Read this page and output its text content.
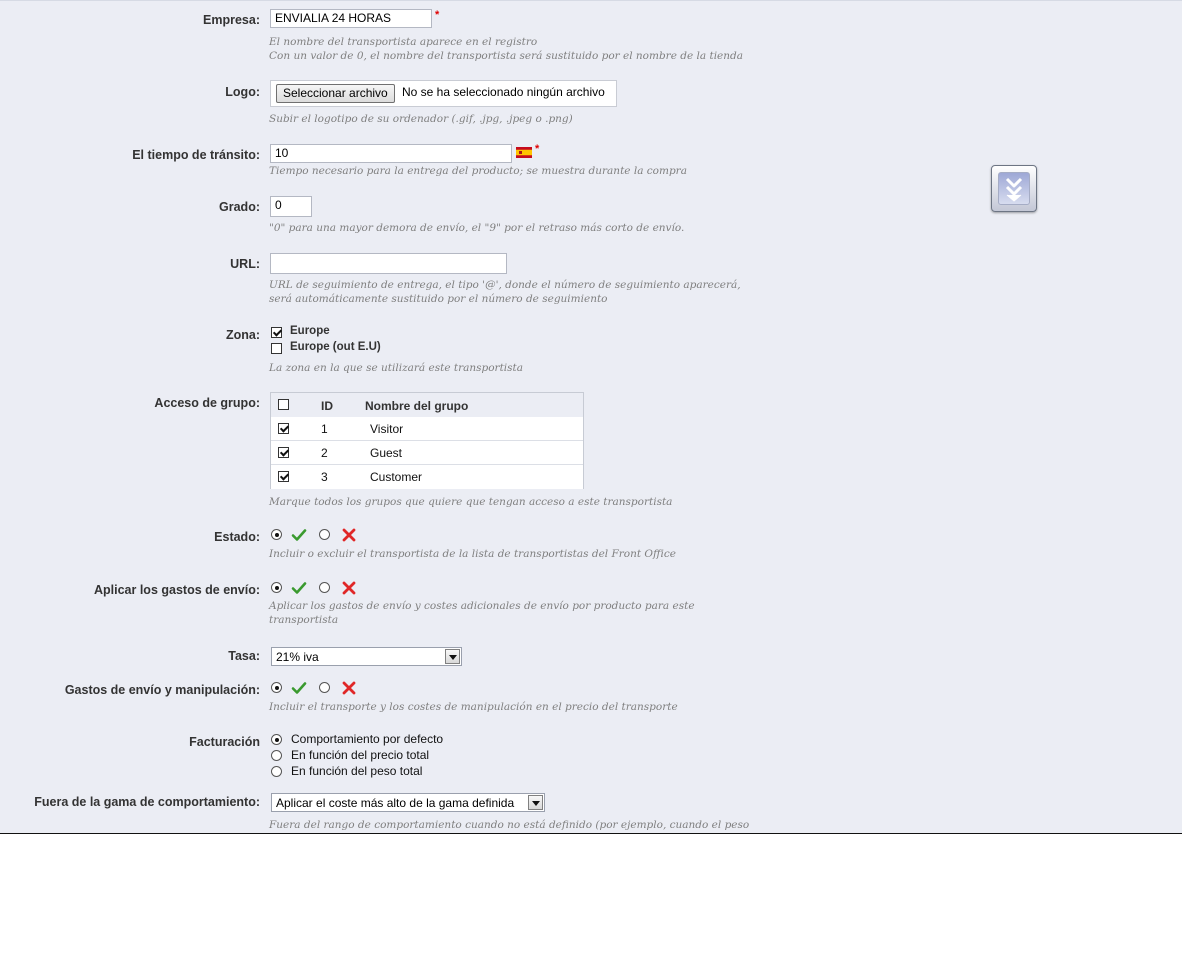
Empresa:	ENVIALIA 24 HORAS	*
El nombre del transportista aparece en el registro
Con un valor de 0, el nombre del transportista será sustituido por el nombre de la tienda
Logo:	Seleccionar archivo	No se ha seleccionado ningún archivo
Subir el logotipo de su ordenador (.gif, .jpg, .jpeg o .png)
El tiempo de tránsito:	10	*
Tiempo necesario para la entrega del producto; se muestra durante la compra
Grado:	0
"0" para una mayor demora de envío, el "9" por el retraso más corto de envío.
URL:
URL de seguimiento de entrega, el tipo '@', donde el número de seguimiento aparecerá,
será automáticamente sustituido por el número de seguimiento
Zona:	Europe
Europe (out E.U)
La zona en la que se utilizará este transportista
Acceso de grupo:	ID	Nombre del grupo
1	Visitor
2	Guest
3	Customer
Marque todos los grupos que quiere que tengan acceso a este transportista
Estado:
Incluir o excluir el transportista de la lista de transportistas del Front Office
Aplicar los gastos de envío:
Aplicar los gastos de envío y costes adicionales de envío por producto para este
transportista
Tasa: 21% iva
Gastos de envío y manipulación:
Incluir el transporte y los costes de manipulación en el precio del transporte
Facturación	Comportamiento por defecto
En función del precio total
En función del peso total
Fuera de la gama de comportamiento: Aplicar el coste más alto de la gama definida
Fuera del rango de comportamiento cuando no está definido (por ejemplo, cuando el peso
